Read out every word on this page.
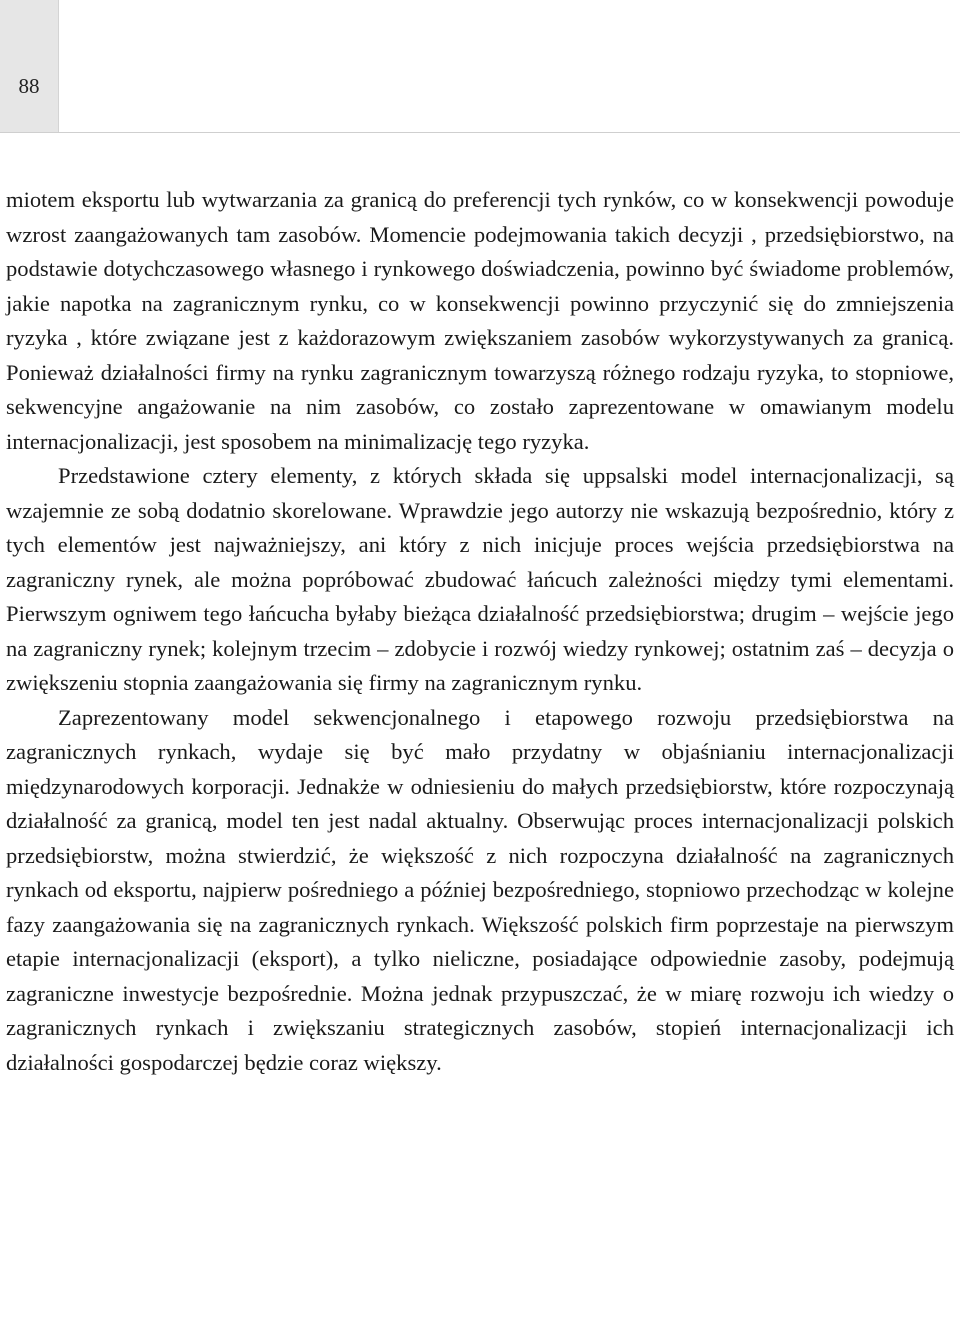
88

miotem eksportu lub wytwarzania za granicą do preferencji tych rynków, co w konsekwencji powoduje wzrost zaangażowanych tam zasobów. Momencie podejmowania takich decyzji , przedsiębiorstwo, na podstawie dotychczasowego własnego i rynkowego doświadczenia, powinno być świadome problemów, jakie napotka na zagranicznym rynku, co w konsekwencji powinno przyczynić się do zmniejszenia ryzyka , które związane jest z każdorazowym zwiększaniem zasobów wykorzystywanych za granicą. Ponieważ działalności firmy na rynku zagranicznym towarzyszą różnego rodzaju ryzyka, to stopniowe, sekwencyjne angażowanie na nim zasobów, co zostało zaprezentowane w omawianym modelu internacjonalizacji, jest sposobem na minimalizację tego ryzyka.

Przedstawione cztery elementy, z których składa się uppsalski model internacjonalizacji, są wzajemnie ze sobą dodatnio skorelowane. Wprawdzie jego autorzy nie wskazują bezpośrednio, który z tych elementów jest najważniejszy, ani który z nich inicjuje proces wejścia przedsiębiorstwa na zagraniczny rynek, ale można popróbować zbudować łańcuch zależności między tymi elementami. Pierwszym ogniwem tego łańcucha byłaby bieżąca działalność przedsiębiorstwa; drugim – wejście jego na zagraniczny rynek; kolejnym trzecim – zdobycie i rozwój wiedzy rynkowej; ostatnim zaś – decyzja o zwiększeniu stopnia zaangażowania się firmy na zagranicznym rynku.

Zaprezentowany model sekwencjonalnego i etapowego rozwoju przedsiębiorstwa na zagranicznych rynkach, wydaje się być mało przydatny w objaśnianiu internacjonalizacji międzynarodowych korporacji. Jednakże w odniesieniu do małych przedsiębiorstw, które rozpoczynają działalność za granicą, model ten jest nadal aktualny. Obserwując proces internacjonalizacji polskich przedsiębiorstw, można stwierdzić, że większość z nich rozpoczyna działalność na zagranicznych rynkach od eksportu, najpierw pośredniego a później bezpośredniego, stopniowo przechodząc w kolejne fazy zaangażowania się na zagranicznych rynkach. Większość polskich firm poprzestaje na pierwszym etapie internacjonalizacji (eksport), a tylko nieliczne, posiadające odpowiednie zasoby, podejmują zagraniczne inwestycje bezpośrednie. Można jednak przypuszczać, że w miarę rozwoju ich wiedzy o zagranicznych rynkach i zwiększaniu strategicznych zasobów, stopień internacjonalizacji ich działalności gospodarczej będzie coraz większy.
